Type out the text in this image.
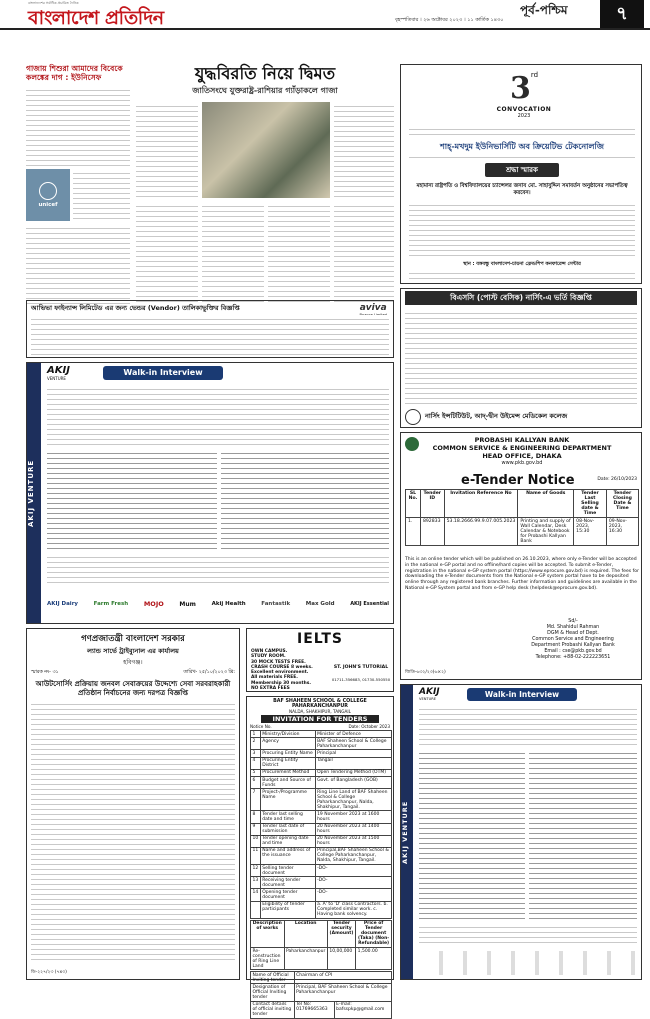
বাংলাদেশের সর্বাধিক প্রচারিত দৈনিক
বাংলাদেশ প্রতিদিন	বৃহস্পতিবার । ২৬ অক্টোবর ২০২৩ । ১১ কার্তিক ১৪৩০
পূর্ব-পশ্চিম	৭
গাজায় শিশুরা আমাদের বিবেকে কলঙ্কের দাগ : ইউনিসেফ
unicef
যুদ্ধবিরতি নিয়ে দ্বিমত
জাতিসংঘে যুক্তরাষ্ট্র-রাশিয়ার গ্যাঁড়াকলে গাজা	3rd
CONVOCATION
2023
শাহ্-মখদুম ইউনিভার্সিটি অব ক্রিয়েটিভ টেকনোলজি
শ্রদ্ধা স্মারক
মহামান্য রাষ্ট্রপতি ও বিশ্ববিদ্যালয়ের চ্যান্সেলর জনাব মো. সাহাবুদ্দিন সমাবর্তন অনুষ্ঠানের সভাপতিত্ব করবেন।
স্থান : বঙ্গবন্ধু বাংলাদেশ-চায়না ফ্রেন্ডশিপ কনফারেন্স সেন্টার
আভিভা ফাইন্যান্স লিমিটেড এর জন্য ভেন্ডর (Vendor) তালিকাভুক্তির বিজ্ঞপ্তি	aviva
AKIJ VENTURE
AKIJ
VENTURE
Walk-in Interview
AKIJ Dairy	Farm Fresh MOJO	Mum	Akij Health	Fantastik	Max Gold	AKIJ Essential
বিএসসি (পোস্ট বেসিক) নার্সিং-এ ভর্তি বিজ্ঞপ্তি
নার্সিং ইন্সটিটিউট, আদ্-দ্বীন উইমেন্স মেডিকেল কলেজ
PROBASHI KALLYAN BANK
COMMON SERVICE & ENGINEERING DEPARTMENT
HEAD OFFICE, DHAKA
www.pkb.gov.bd
e-Tender Notice	Date: 26/10/2023
SL No.	Tender ID	Invitation Reference No	Name of Goods	Tender Last Selling date & Time	Tender Closing Date & Time
1.	892833	53.18.2666.99.9.07.005.2023	Printing and supply of Wall Calendar, Desk Calendar & Notebook for Probashi Kallyan Bank	08-Nov-2023, 15:30	09-Nov-2023, 16:30
This is an online tender which will be published on 26.10.2023, where only e-Tender will be accepted in the national e-GP portal and no offline/hard copies will be accepted. To submit e-Tender, registration in the national e-GP system portal (https://www.eprocure.gov.bd) is required. The fees for downloading the e-Tender documents from the National e-GP system portal have to be deposited online through any registered bank branches. Further information and guidelines are available in the National e-GP System portal and from e-GP help desk (helpdesk@eprocure.gov.bd).
Sd/-
Md. Shahidul Rahman
DGM & Head of Dept.
Common Service and Engineering
Department Probashi Kallyan Bank
Email : cse@pkb.gov.bd
Telephone: +88-02-222223651
জিডি-৬৩২/২৩(৬×২)
গণপ্রজাতন্ত্রী বাংলাদেশ সরকার
ল্যান্ড সার্ভে ট্রাইব্যুনাল এর কার্যালয়
হবিগঞ্জ।
স্মারক নং- ৩১	তারিখ- ২৫/১০/২০২৩ খ্রি:
আউটসোর্সিং প্রক্রিয়ায় জনবল সেবাক্রয়ের উদ্দেশ্যে সেবা সরবরাহকারী প্রতিষ্ঠান নির্বাচনের জন্য দরপত্র বিজ্ঞপ্তি
ডি-২২৭/২৩ (৭x৩)
IELTS
OWN CAMPUS.
STUDY ROOM.
30 MOCK TESTS FREE.
CRASH COURSE 8 weeks.
Excellent environment.
All materials FREE.
Membership 30 months.
NO EXTRA FEES
ST. JOHN'S TUTORIAL
01711-356683, 01730-550550
BAF SHAHEEN SCHOOL & COLLEGE PAHARKANCHANPUR
NALDA, SHAKHIPUR, TANGAIL
INVITATION FOR TENDERS
Notice No.	Date: October 2023
1	Ministry/Division	Minister of Defence
2	Agency	BAF Shaheen School & College Paharkanchanpur
3	Procuring Entity Name	Principal
4	Procuring Entity District	Tangail
5	Procurement Method	Open Tendering Method (OTM)
6	Budget and Source of Funds	Govt. of Bangladesh (GOB)
7	Project-/Programme Name	Ring Line Land of BAF Shaheen School & College Paharkanchanpur, Nalda, Shakhipur, Tangail.
8	Tender last selling date and time	19 November 2023 at 1600 hours
9	Tender last date of submission	20 November 2023 at 1400 hours
10	Tender opening date and time	20 November 2023 at 1500 hours
11	Name and address of the issuance	Principal,BAF Shaheen School & College Paharkanchanpur, Nalda, Shakhipur, Tangail.
12	Selling tender document	-DO-
13	Receiving tender document	-DO-
14	Opening tender document	-DO-
	Eligibility of tender participants	a. A' to 'D' class Contractors. b. Completed similar work. c. Having bank solvency.
Description of works	Location	Tender security (Amount)	Price of Tender document (Taka) (Non-Refundable)
Re-construction of Ring Line Land	Paharkanchanpur	10,00,000	1,500.00
Name of Official Inviting tender	Chairman of CPI	
Designation of Official Inviting tender	Principal, BAF Shaheen School & College Paharkanchanpur	
Contact details of official inviting tender	Tel No: 01769665363	E-mail: bafsspkp@gmail.com
AKIJ VENTURE
AKIJ
VENTURE	Walk-in Interview
